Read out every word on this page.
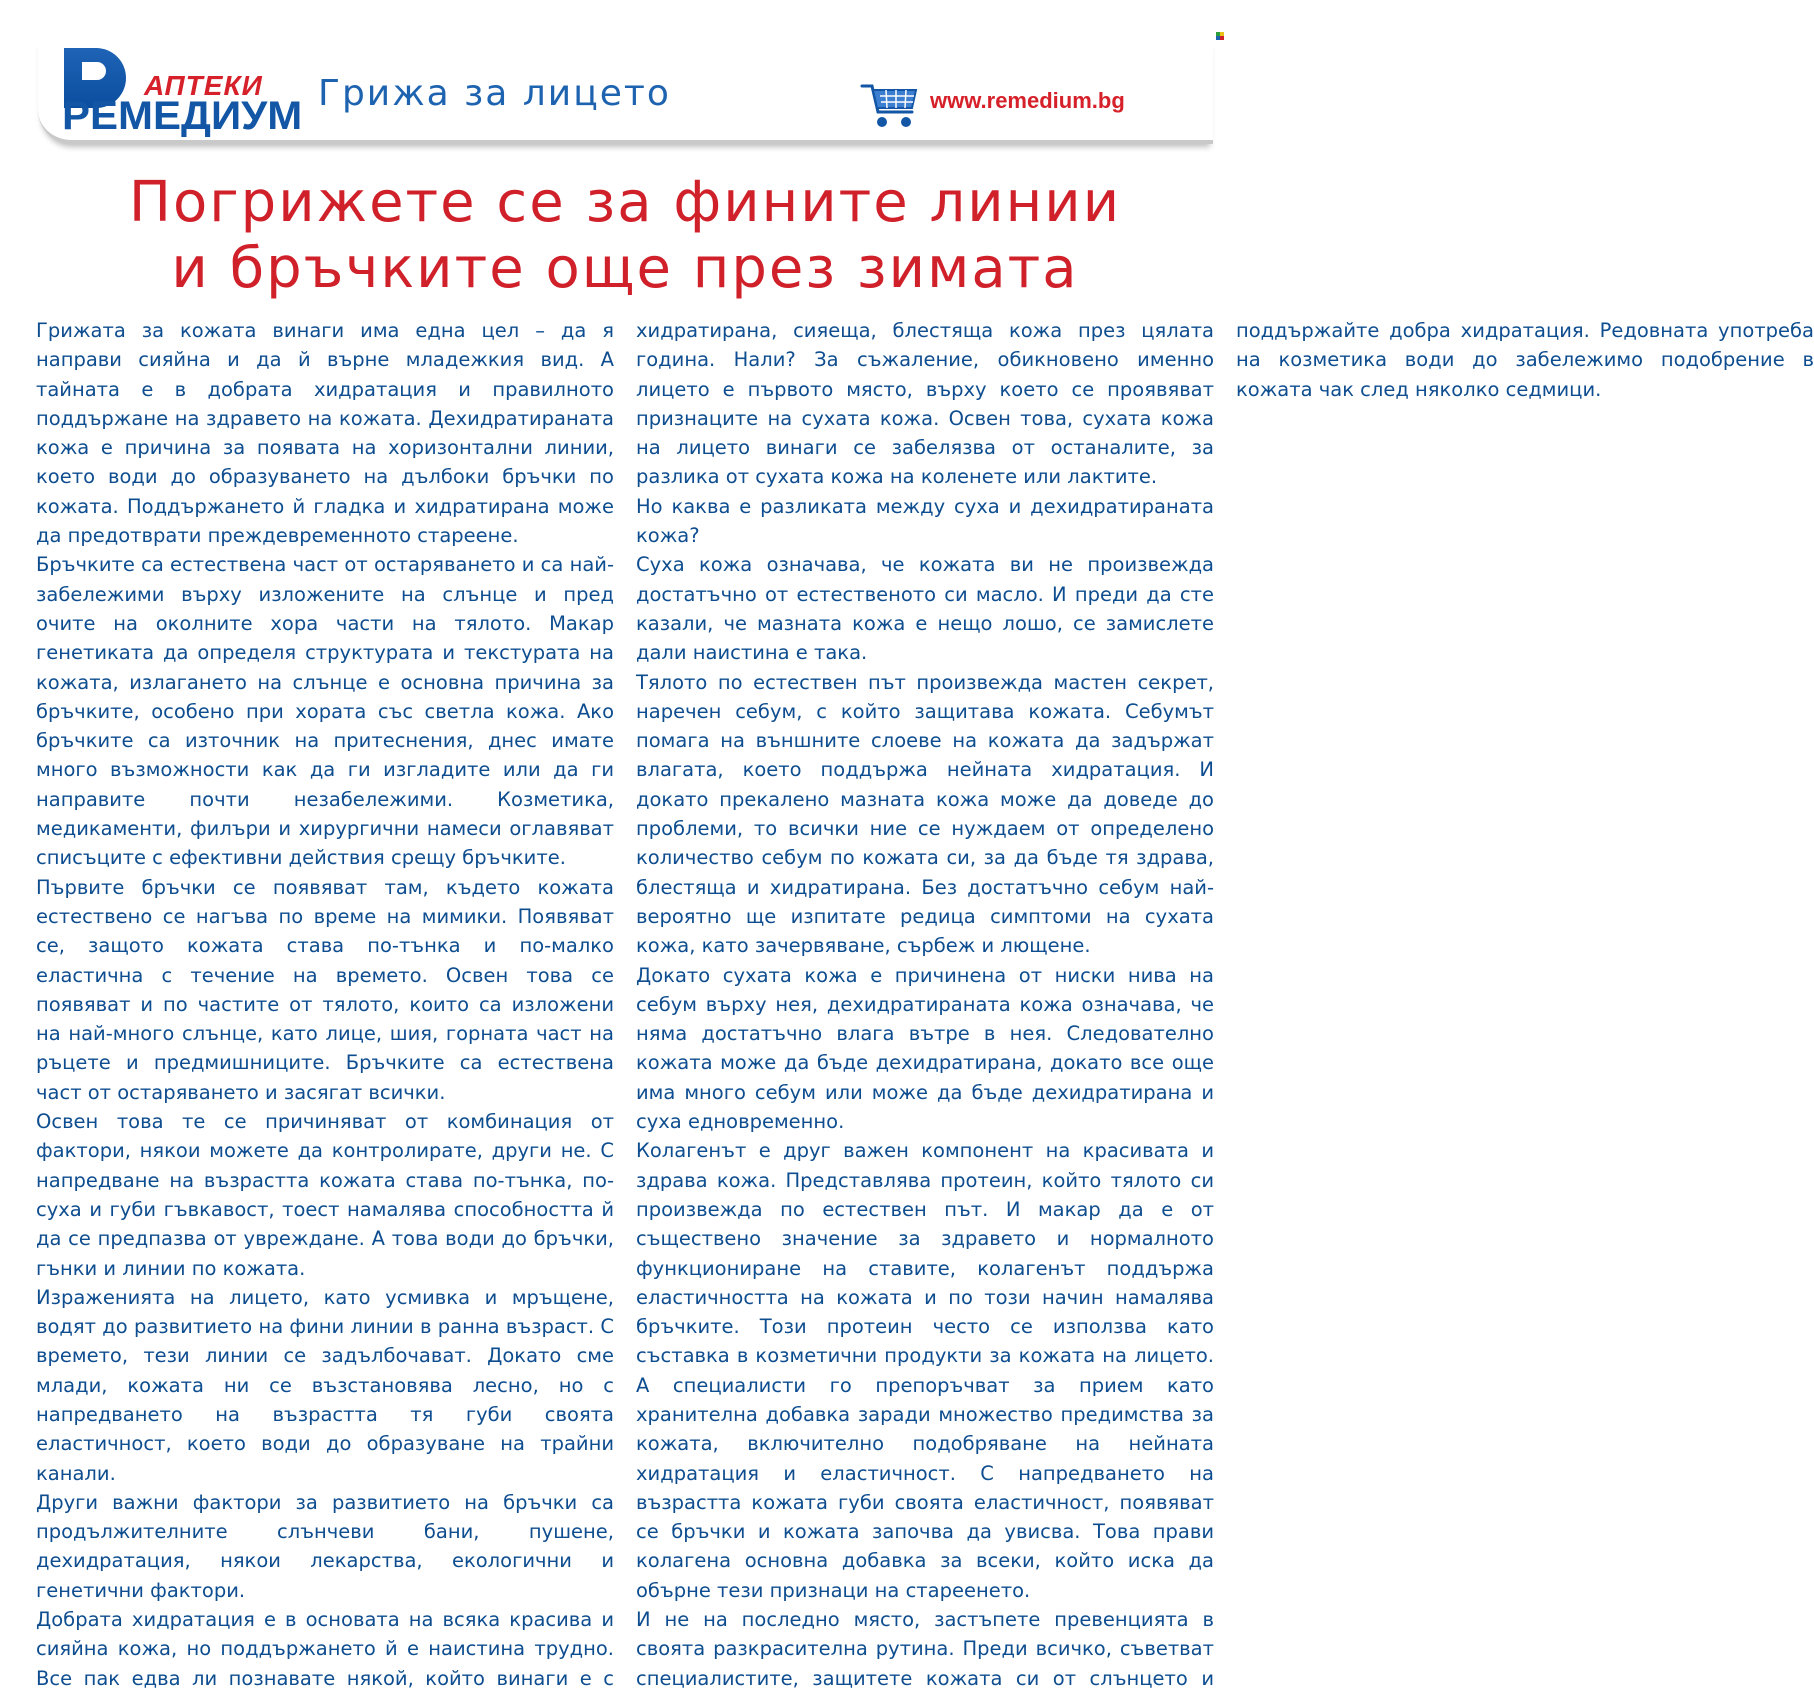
АПТЕКИ
РЕМЕДИУМ
Грижа за лицето	www.remedium.bg
Погрижете се за фините линии
и бръчките още през зимата

Грижата за кожата винаги има една цел – да я направи сияйна и да й върне младежкия вид. А тайната е в добрата хидратация и правилното поддържане на здравето на кожата. Дехидратираната кожа е причина за появата на хоризонтални линии, което води до образуването на дълбоки бръчки по кожата. Поддържането й гладка и хидратирана може да предотврати преждевременното стареене.

Бръчките са естествена част от остаряването и са най-забележими върху изложените на слънце и пред очите на околните хора части на тялото. Макар генетиката да определя структурата и текстурата на кожата, излагането на слънце е основна причина за бръчките, особено при хората със светла кожа. Ако бръчките са източник на притеснения, днес имате много възможности как да ги изгладите или да ги направите почти незабележими. Козметика, медикаменти, филъри и хирургични намеси оглавяват списъците с ефективни действия срещу бръчките.

Първите бръчки се появяват там, където кожата естествено се нагъва по време на мимики. Появяват се, защото кожата става по-тънка и по-малко еластична с течение на времето. Освен това се появяват и по частите от тялото, които са изложени на най-много слънце, като лице, шия, горната част на ръцете и предмишниците. Бръчките са естествена част от остаряването и засягат всички.

Освен това те се причиняват от комбинация от фактори, някои можете да контролирате, други не. С напредване на възрастта кожата става по-тънка, по-суха и губи гъвкавост, тоест намалява способността й да се предпазва от увреждане. А това води до бръчки, гънки и линии по кожата.

Израженията на лицето, като усмивка и мръщене, водят до развитието на фини линии в ранна възраст. С времето, тези линии се задълбочават. Докато сме млади, кожата ни се възстановява лесно, но с напредването на възрастта тя губи своята еластичност, което води до образуване на трайни канали.

Други важни фактори за развитието на бръчки са продължителните слънчеви бани, пушене, дехидратация, някои лекарства, екологични и генетични фактори.

Добрата хидратация е в основата на всяка красива и сияйна кожа, но поддържането й е наистина трудно. Все пак едва ли познавате някой, който винаги е с хидратирана, сияеща, блестяща кожа през цялата година. Нали? За съжаление, обикновено именно лицето е първото място, върху което се проявяват признаците на сухата кожа. Освен това, сухата кожа на лицето винаги се забелязва от останалите, за разлика от сухата кожа на коленете или лактите.

Но каква е разликата между суха и дехидратираната кожа?

Суха кожа означава, че кожата ви не произвежда достатъчно от естественото си масло. И преди да сте казали, че мазната кожа е нещо лошо, се замислете дали наистина е така.

Тялото по естествен път произвежда мастен секрет, наречен себум, с който защитава кожата. Себумът помага на външните слоеве на кожата да задържат влагата, което поддържа нейната хидратация. И докато прекалено мазната кожа може да доведе до проблеми, то всички ние се нуждаем от определено количество себум по кожата си, за да бъде тя здрава, блестяща и хидратирана. Без достатъчно себум най-вероятно ще изпитате редица симптоми на сухата кожа, като зачервяване, сърбеж и лющене.

Докато сухата кожа е причинена от ниски нива на себум върху нея, дехидратираната кожа означава, че няма достатъчно влага вътре в нея. Следователно кожата може да бъде дехидратирана, докато все още има много себум или може да бъде дехидратирана и суха едновременно.

Колагенът е друг важен компонент на красивата и здрава кожа. Представлява протеин, който тялото си произвежда по естествен път. И макар да е от съществено значение за здравето и нормалното функциониране на ставите, колагенът поддържа еластичността на кожата и по този начин намалява бръчките. Този протеин често се използва като съставка в козметични продукти за кожата на лицето. А специалисти го препоръчват за прием като хранителна добавка заради множество предимства за кожата, включително подобряване на нейната хидратация и еластичност. С напредването на възрастта кожата губи своята еластичност, появяват се бръчки и кожата започва да увисва. Това прави колагена основна добавка за всеки, който иска да обърне тези признаци на стареенето.

И не на последно място, застъпете превенцията в своята разкрасителна рутина. Преди всичко, съветват специалистите, защитете кожата си от слънцето и поддържайте добра хидратация. Редовната употреба на козметика води до забележимо подобрение в кожата чак след няколко седмици.
